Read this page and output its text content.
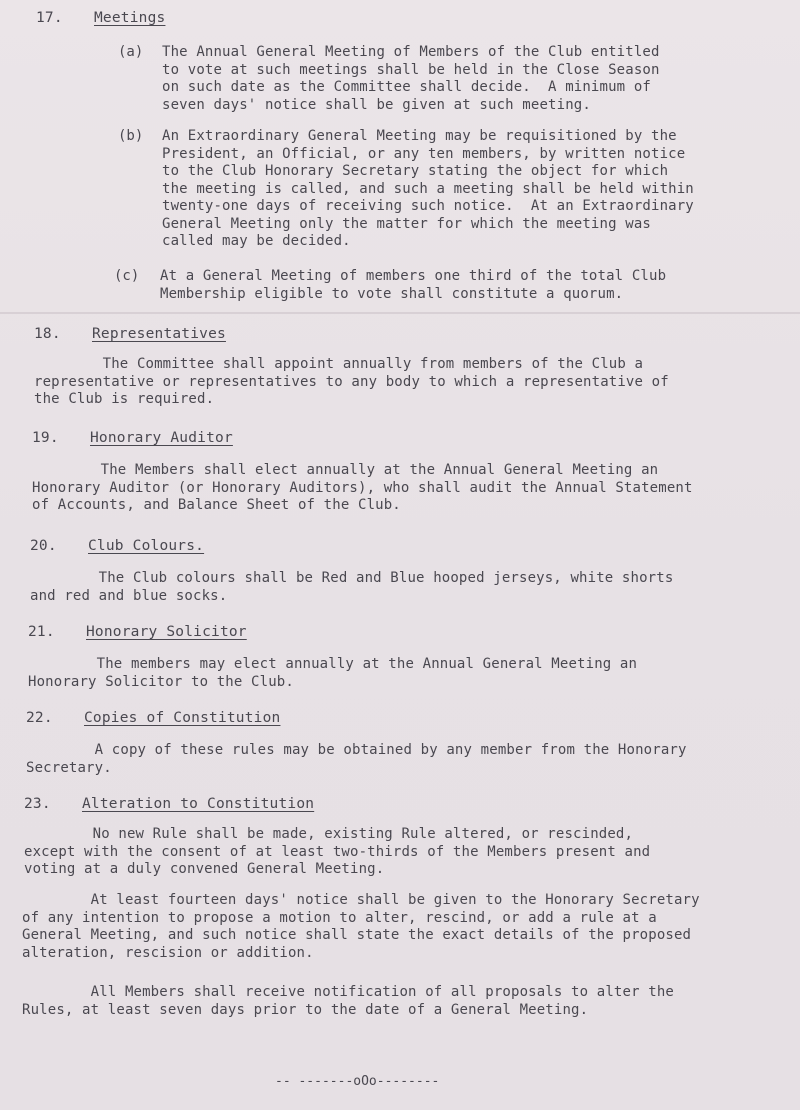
17. Meetings
(a) The Annual General Meeting of Members of the Club entitled
to vote at such meetings shall be held in the Close Season
on such date as the Committee shall decide.  A minimum of
seven days' notice shall be given at such meeting.
(b) An Extraordinary General Meeting may be requisitioned by the
President, an Official, or any ten members, by written notice
to the Club Honorary Secretary stating the object for which
the meeting is called, and such a meeting shall be held within
twenty-one days of receiving such notice.  At an Extraordinary
General Meeting only the matter for which the meeting was
called may be decided.
(c) At a General Meeting of members one third of the total Club
Membership eligible to vote shall constitute a quorum.
18. Representatives
The Committee shall appoint annually from members of the Club a
representative or representatives to any body to which a representative of
the Club is required.
19. Honorary Auditor
The Members shall elect annually at the Annual General Meeting an
Honorary Auditor (or Honorary Auditors), who shall audit the Annual Statement
of Accounts, and Balance Sheet of the Club.
20. Club Colours.
The Club colours shall be Red and Blue hooped jerseys, white shorts
and red and blue socks.
21. Honorary Solicitor
The members may elect annually at the Annual General Meeting an
Honorary Solicitor to the Club.
22. Copies of Constitution
A copy of these rules may be obtained by any member from the Honorary
Secretary.
23. Alteration to Constitution
No new Rule shall be made, existing Rule altered, or rescinded,
except with the consent of at least two-thirds of the Members present and
voting at a duly convened General Meeting.
At least fourteen days' notice shall be given to the Honorary Secretary
of any intention to propose a motion to alter, rescind, or add a rule at a
General Meeting, and such notice shall state the exact details of the proposed
alteration, rescision or addition.
All Members shall receive notification of all proposals to alter the
Rules, at least seven days prior to the date of a General Meeting.
-- -------oOo--------
